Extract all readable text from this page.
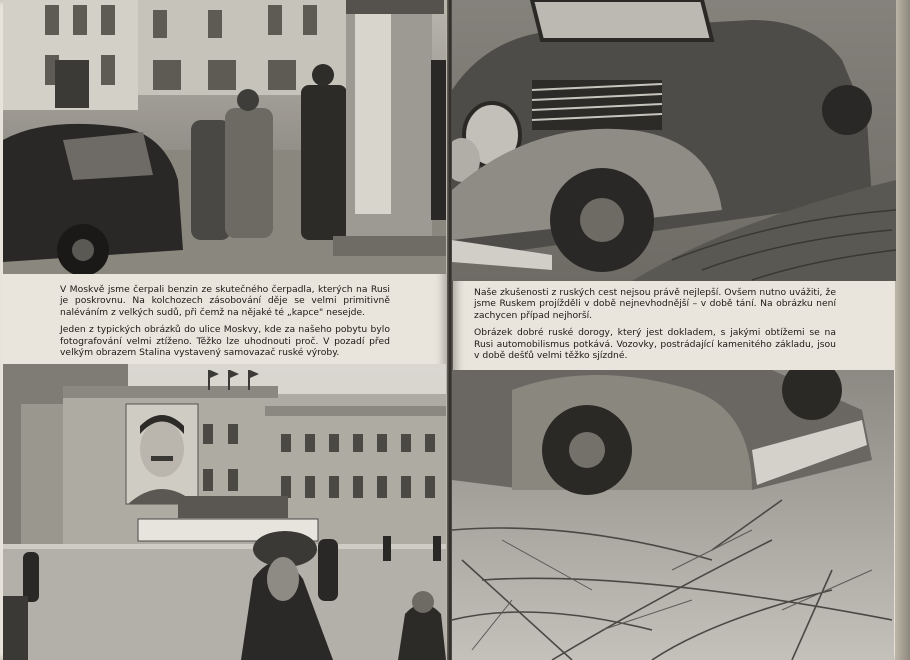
V Moskvě jsme čerpali benzin ze skutečného čerpadla, kterých na Rusi je poskrovnu. Na kolchozech zásobování děje se velmi primitivně naléváním z velkých sudů, při čemž na nějaké té „kapce" nesejde.

Jeden z typických obrázků do ulice Moskvy, kde za našeho pobytu bylo fotografování velmi ztíženo. Těžko lze uhodnouti proč. V pozadí před velkým obrazem Stalina vystavený samovazač ruské výroby.

Naše zkušenosti z ruských cest nejsou právě nejlepší. Ovšem nutno uvážiti, že jsme Ruskem projížděli v době nejnevhodnější – v době tání. Na obrázku není zachycen případ nejhorší.

Obrázek dobré ruské dorogy, který jest dokladem, s jakými obtížemi se na Rusi automobilismus potkává. Vozovky, postrádající kamenitého základu, jsou v době dešťů velmi těžko sjízdné.
